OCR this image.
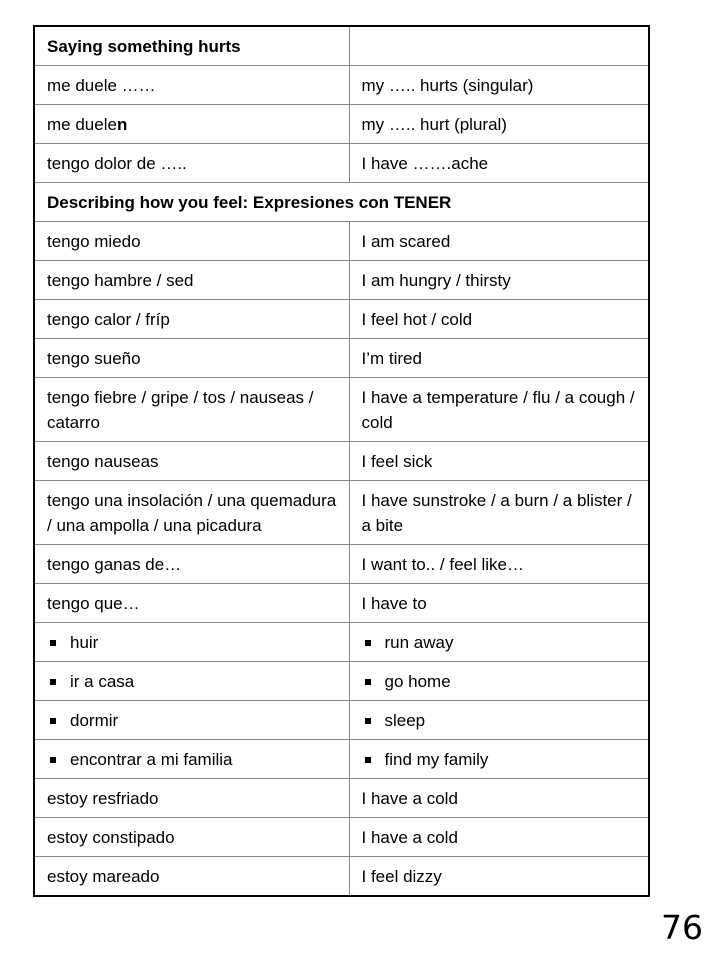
Saying something hurts	
me duele ……	my ….. hurts (singular)
me duelen	my ….. hurt (plural)
tengo dolor de …..	I have …….ache
Describing how you feel: Expresiones con TENER	
tengo miedo	I am scared
tengo hambre / sed	I am hungry / thirsty
tengo calor / fríp	I feel hot / cold
tengo sueño	I’m tired
tengo fiebre / gripe / tos / nauseas / catarro	I have a temperature / flu / a cough / cold
tengo nauseas	I feel sick
tengo una insolación / una quemadura / una ampolla / una picadura	I have sunstroke / a burn / a blister / a bite
tengo ganas de…	I want to.. / feel like…
tengo que…	I have to
huir	run away
ir a casa	go home
dormir	sleep
encontrar a mi familia	find my family
estoy resfriado	I have a cold
estoy constipado	I have a cold
estoy mareado	I feel dizzy
76
